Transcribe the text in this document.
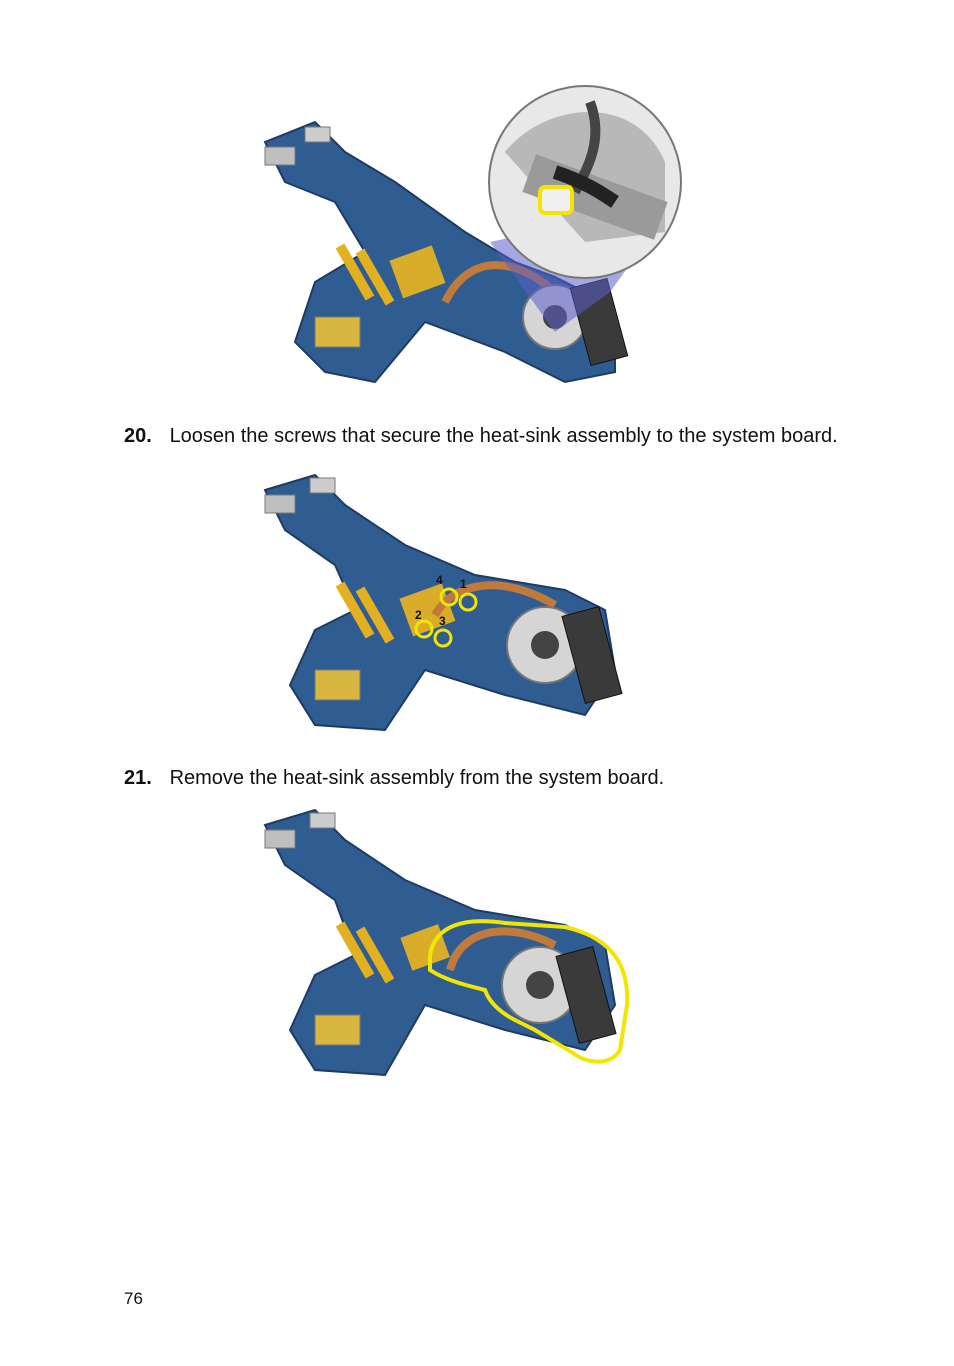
20. Loosen the screws that secure the heat-sink assembly to the system board.
1
4
2 3
21. Remove the heat-sink assembly from the system board.
76
